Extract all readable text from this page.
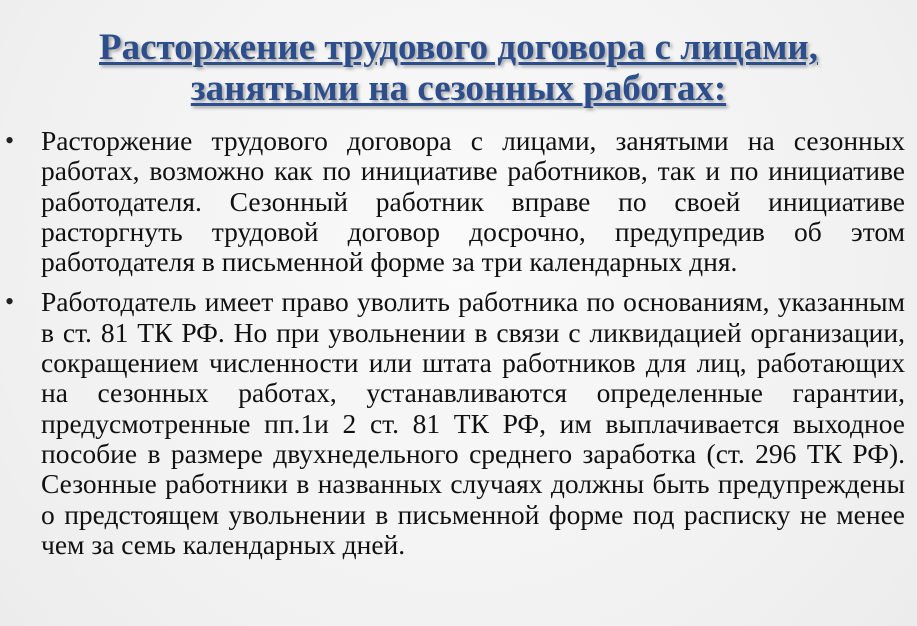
Расторжение трудового договора с лицами,
занятыми на сезонных работах:
• Расторжение трудового договора с лицами, занятыми на сезонных работах, возможно как по инициативе работников, так и по инициативе работодателя. Сезонный работник вправе по своей инициативе расторгнуть трудовой договор досрочно, предупредив об этом работодателя в письменной форме за три календарных дня.
• Работодатель имеет право уволить работника по основаниям, указанным в ст. 81 ТК РФ. Но при увольнении в связи с ликвидацией организации, сокращением численности или штата работников для лиц, работающих на сезонных работах, устанавливаются определенные гарантии, предусмотренные пп.1и 2 ст. 81 ТК РФ, им выплачивается выходное пособие в размере двухнедельного среднего заработка (ст. 296 ТК РФ). Сезонные работники в названных случаях должны быть предупреждены о предстоящем увольнении в письменной форме под расписку не менее чем за семь календарных дней.
